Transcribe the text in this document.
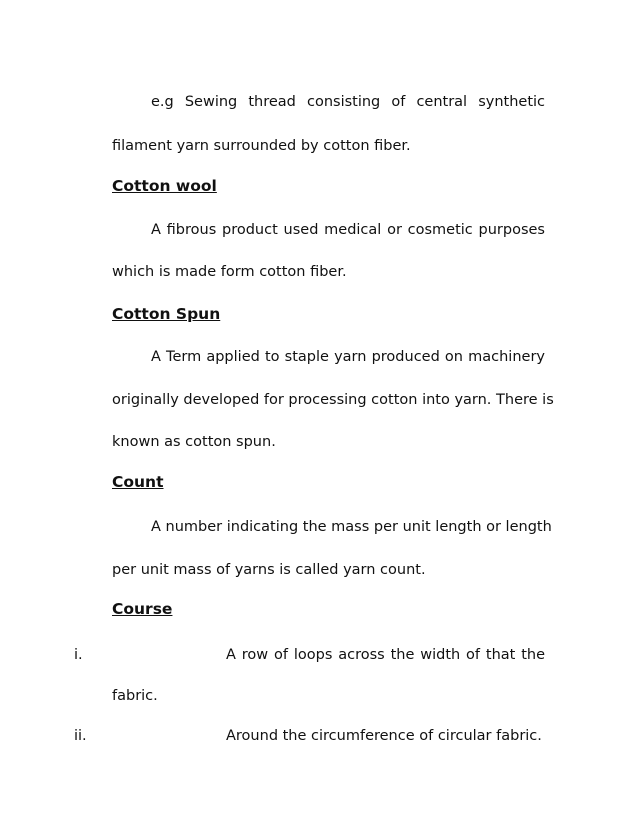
e.g Sewing thread consisting of central synthetic
filament yarn surrounded by cotton fiber.
Cotton wool
A fibrous product used medical or cosmetic purposes
which is made form cotton fiber.
Cotton Spun
A Term applied to staple yarn produced on machinery
originally developed for processing cotton into yarn. There is
known as cotton spun.
Count
A number indicating the mass per unit length or length
per unit mass of yarns is called yarn count.
Course
i.	A row of loops across the width of that the
fabric.
ii.	Around the circumference of circular fabric.
